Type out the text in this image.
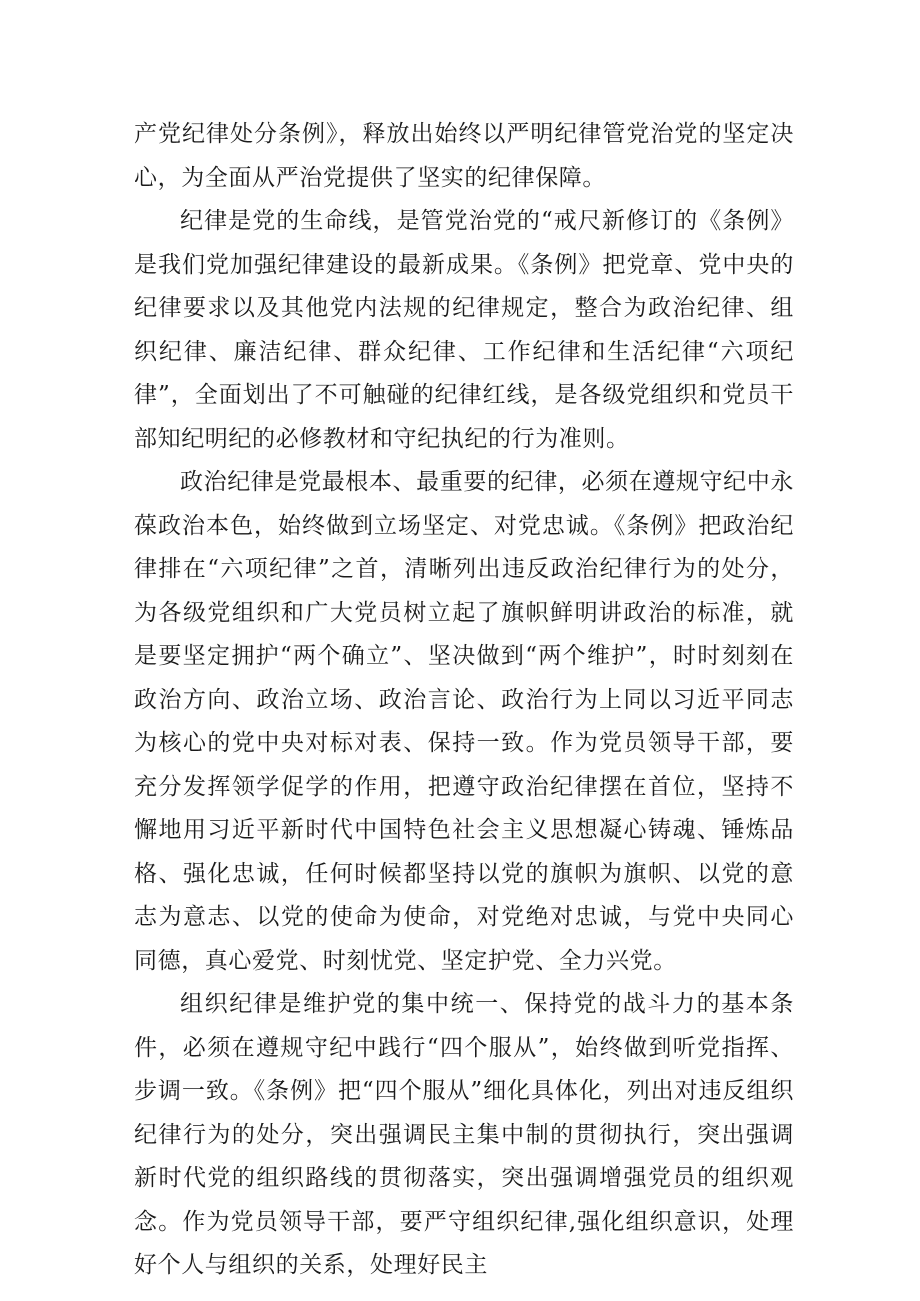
产党纪律处分条例》，释放出始终以严明纪律管党治党的坚定决心，为全面从严治党提供了坚实的纪律保障。

纪律是党的生命线，是管党治党的“戒尺新修订的《条例》是我们党加强纪律建设的最新成果。《条例》把党章、党中央的纪律要求以及其他党内法规的纪律规定，整合为政治纪律、组织纪律、廉洁纪律、群众纪律、工作纪律和生活纪律“六项纪律”，全面划出了不可触碰的纪律红线，是各级党组织和党员干部知纪明纪的必修教材和守纪执纪的行为准则。

政治纪律是党最根本、最重要的纪律，必须在遵规守纪中永葆政治本色，始终做到立场坚定、对党忠诚。《条例》把政治纪律排在“六项纪律”之首，清晰列出违反政治纪律行为的处分，为各级党组织和广大党员树立起了旗帜鲜明讲政治的标准，就是要坚定拥护“两个确立”、坚决做到“两个维护”，时时刻刻在政治方向、政治立场、政治言论、政治行为上同以习近平同志为核心的党中央对标对表、保持一致。作为党员领导干部，要充分发挥领学促学的作用，把遵守政治纪律摆在首位，坚持不懈地用习近平新时代中国特色社会主义思想凝心铸魂、锤炼品格、强化忠诚，任何时候都坚持以党的旗帜为旗帜、以党的意志为意志、以党的使命为使命，对党绝对忠诚，与党中央同心同德，真心爱党、时刻忧党、坚定护党、全力兴党。

组织纪律是维护党的集中统一、保持党的战斗力的基本条件，必须在遵规守纪中践行“四个服从”，始终做到听党指挥、步调一致。《条例》把“四个服从”细化具体化，列出对违反组织纪律行为的处分，突出强调民主集中制的贯彻执行，突出强调新时代党的组织路线的贯彻落实，突出强调增强党员的组织观念。作为党员领导干部，要严守组织纪律,强化组织意识，处理好个人与组织的关系，处理好民主
